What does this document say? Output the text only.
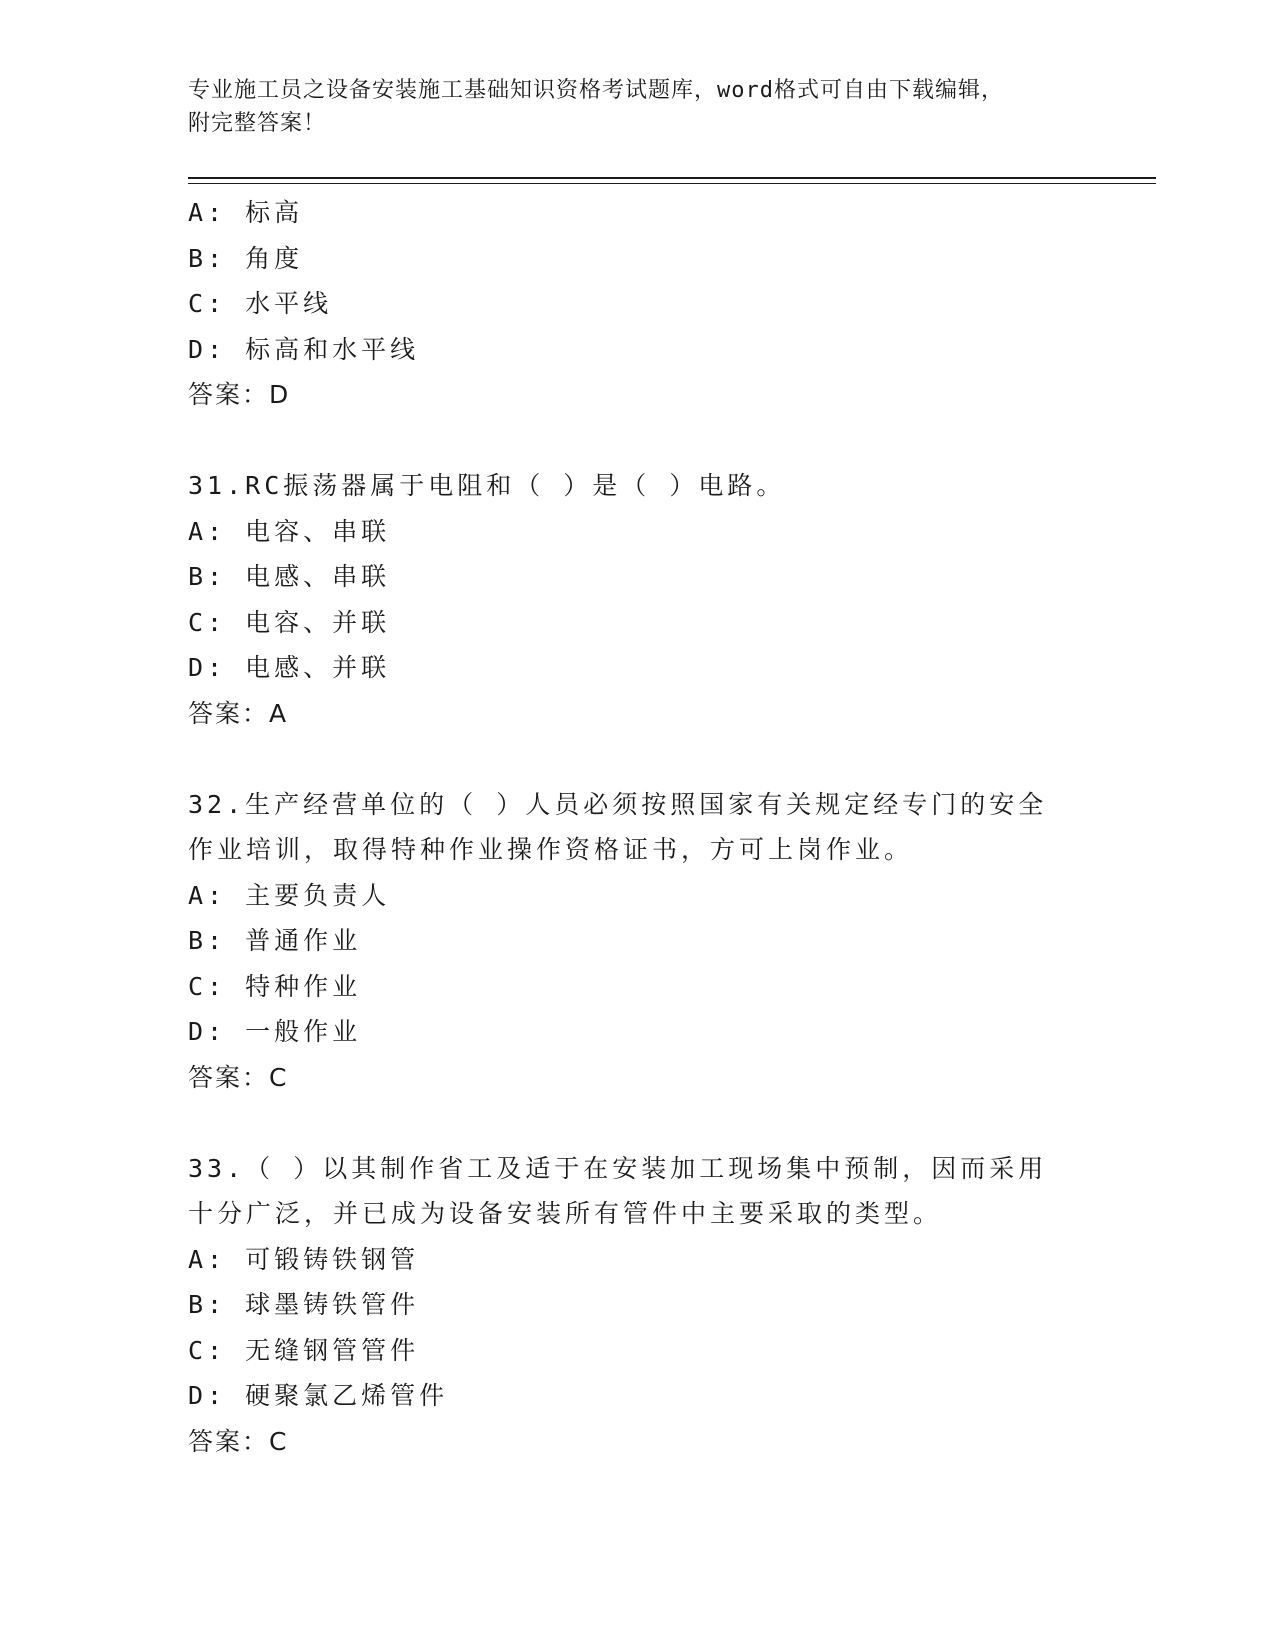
专业施工员之设备安装施工基础知识资格考试题库，word格式可自由下载编辑，
附完整答案！
A: 标高
B: 角度
C: 水平线
D: 标高和水平线
答案：D
31.RC振荡器属于电阻和（ ）是（ ）电路。
A: 电容、串联
B: 电感、串联
C: 电容、并联
D: 电感、并联
答案：A
32.生产经营单位的（ ）人员必须按照国家有关规定经专门的安全作业培训，取得特种作业操作资格证书，方可上岗作业。
A: 主要负责人
B: 普通作业
C: 特种作业
D: 一般作业
答案：C
33.（ ）以其制作省工及适于在安装加工现场集中预制，因而采用十分广泛，并已成为设备安装所有管件中主要采取的类型。
A: 可锻铸铁钢管
B: 球墨铸铁管件
C: 无缝钢管管件
D: 硬聚氯乙烯管件
答案：C
